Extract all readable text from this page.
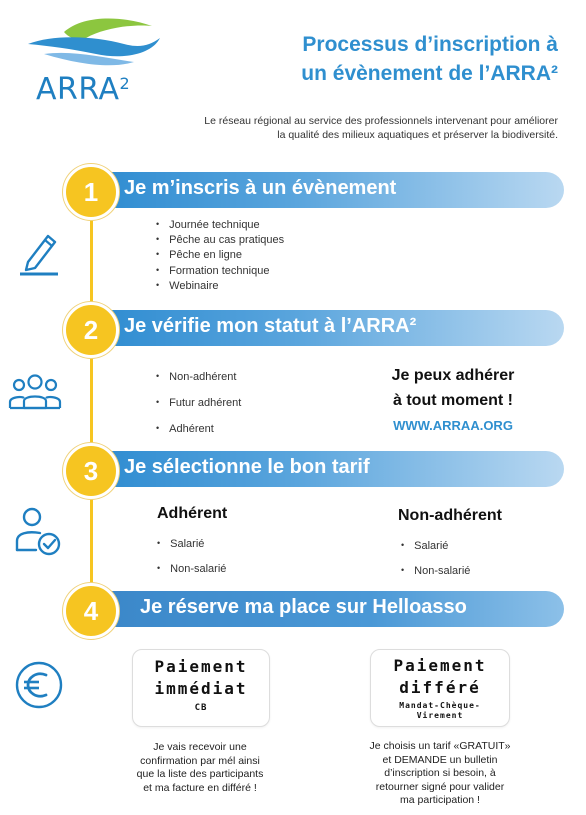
ARRA$^2$
Processus d’inscription à
un évènement de l’ARRA²
Le réseau régional au service des professionnels intervenant pour améliorer
la qualité des milieux aquatiques et préserver la biodiversité.
Je m’inscris à un évènement
1
• Journée technique
• Pêche au cas pratiques
• Pêche en ligne
• Formation technique
• Webinaire
Je vérifie mon statut à l’ARRA²
2
• Non-adhérent
• Futur adhérent
• Adhérent
Je peux adhérer
à tout moment !
WWW.ARRAA.ORG
Je sélectionne le bon tarif
3
Adhérent
• Salarié
• Non-salarié
Non-adhérent
• Salarié
• Non-salarié
Je réserve ma place sur Helloasso
4
Paiement
immédiat
CB
Je vais recevoir une
confirmation par mél ainsi
que la liste des participants
et ma facture en différé !
Paiement
différé
Mandat-Chèque-
Virement
Je choisis un tarif «GRATUIT»
et DEMANDE un bulletin
d’inscription si besoin, à
retourner signé pour valider
ma participation !
